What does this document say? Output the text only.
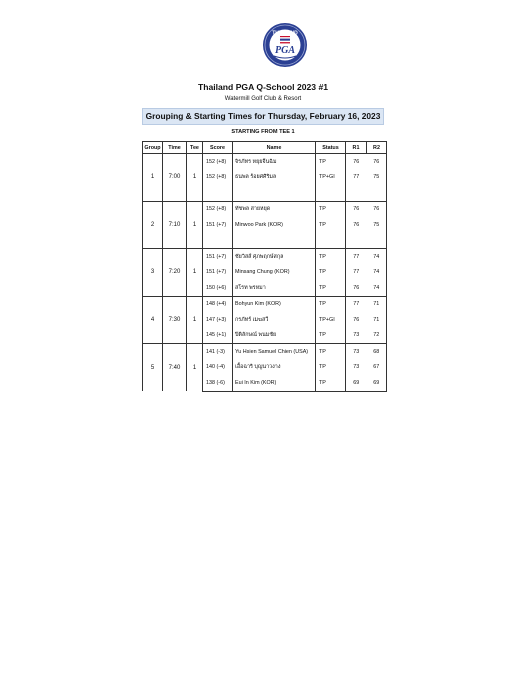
THAILAND
PGA
Thailand PGA Q-School 2023 #1
Watermill Golf Club & Resort
Grouping & Starting Times for Thursday, February 16, 2023
STARTING FROM TEE 1
Group	Time	Tee	Score	Name	Status	R1	R2
1	7:00	1	152 (+8)	จิรภัทร หยุยจีนฉิม	TP	76	76
			152 (+8)	ธนพล ร้อยศศิริมล	TP+GI	77	75

2	7:10	1	152 (+8)	ทัชพล สายหยุด	TP	76	76
			151 (+7)	Minwoo Park (KOR)	TP	76	75

3	7:20	1	151 (+7)	ชัยวิสส์ ศุภพฤกษ์สกุล	TP	77	74
			151 (+7)	Minsang Chung (KOR)	TP	77	74
			150 (+6)	สโรท พรหมา	TP	76	74
4	7:30	1	148 (+4)	Bohyun Kim (KOR)	TP	77	71
			147 (+3)	กรภัทร์ เมฆสวี	TP+GI	76	71
			145 (+1)	ปิติลักษณ์ พนมชัย	TP	73	72
5	7:40	1	141 (-3)	Yu Hsien Samuel Chien (USA)	TP	73	68
			140 (-4)	เอื้อฉาริ บุญนาวงาง	TP	73	67
			138 (-6)	Eui In Kim (KOR)	TP	69	69
